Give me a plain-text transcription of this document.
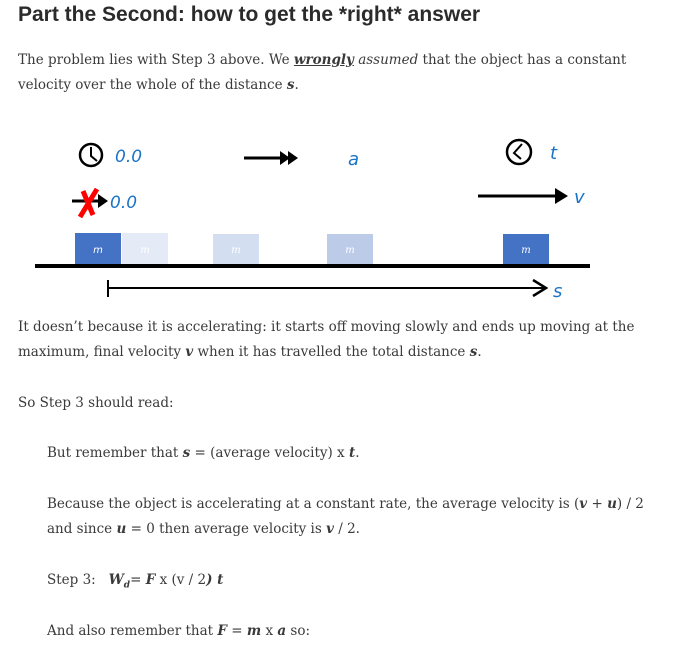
Part the Second: how to get the *right* answer
The problem lies with Step 3 above. We wrongly assumed that the object has a constant
velocity over the whole of the distance s.
0.0
0.0
a	t
v
m	m	m	m	m
s
It doesn’t because it is accelerating: it starts off moving slowly and ends up moving at the
maximum, final velocity v when it has travelled the total distance s.
So Step 3 should read:
But remember that s = (average velocity) x t.
Because the object is accelerating at a constant rate, the average velocity is (v + u) / 2
and since u = 0 then average velocity is v / 2.
Step 3: $W_d= F$ x (v / 2) t
And also remember that F = m x a so:
